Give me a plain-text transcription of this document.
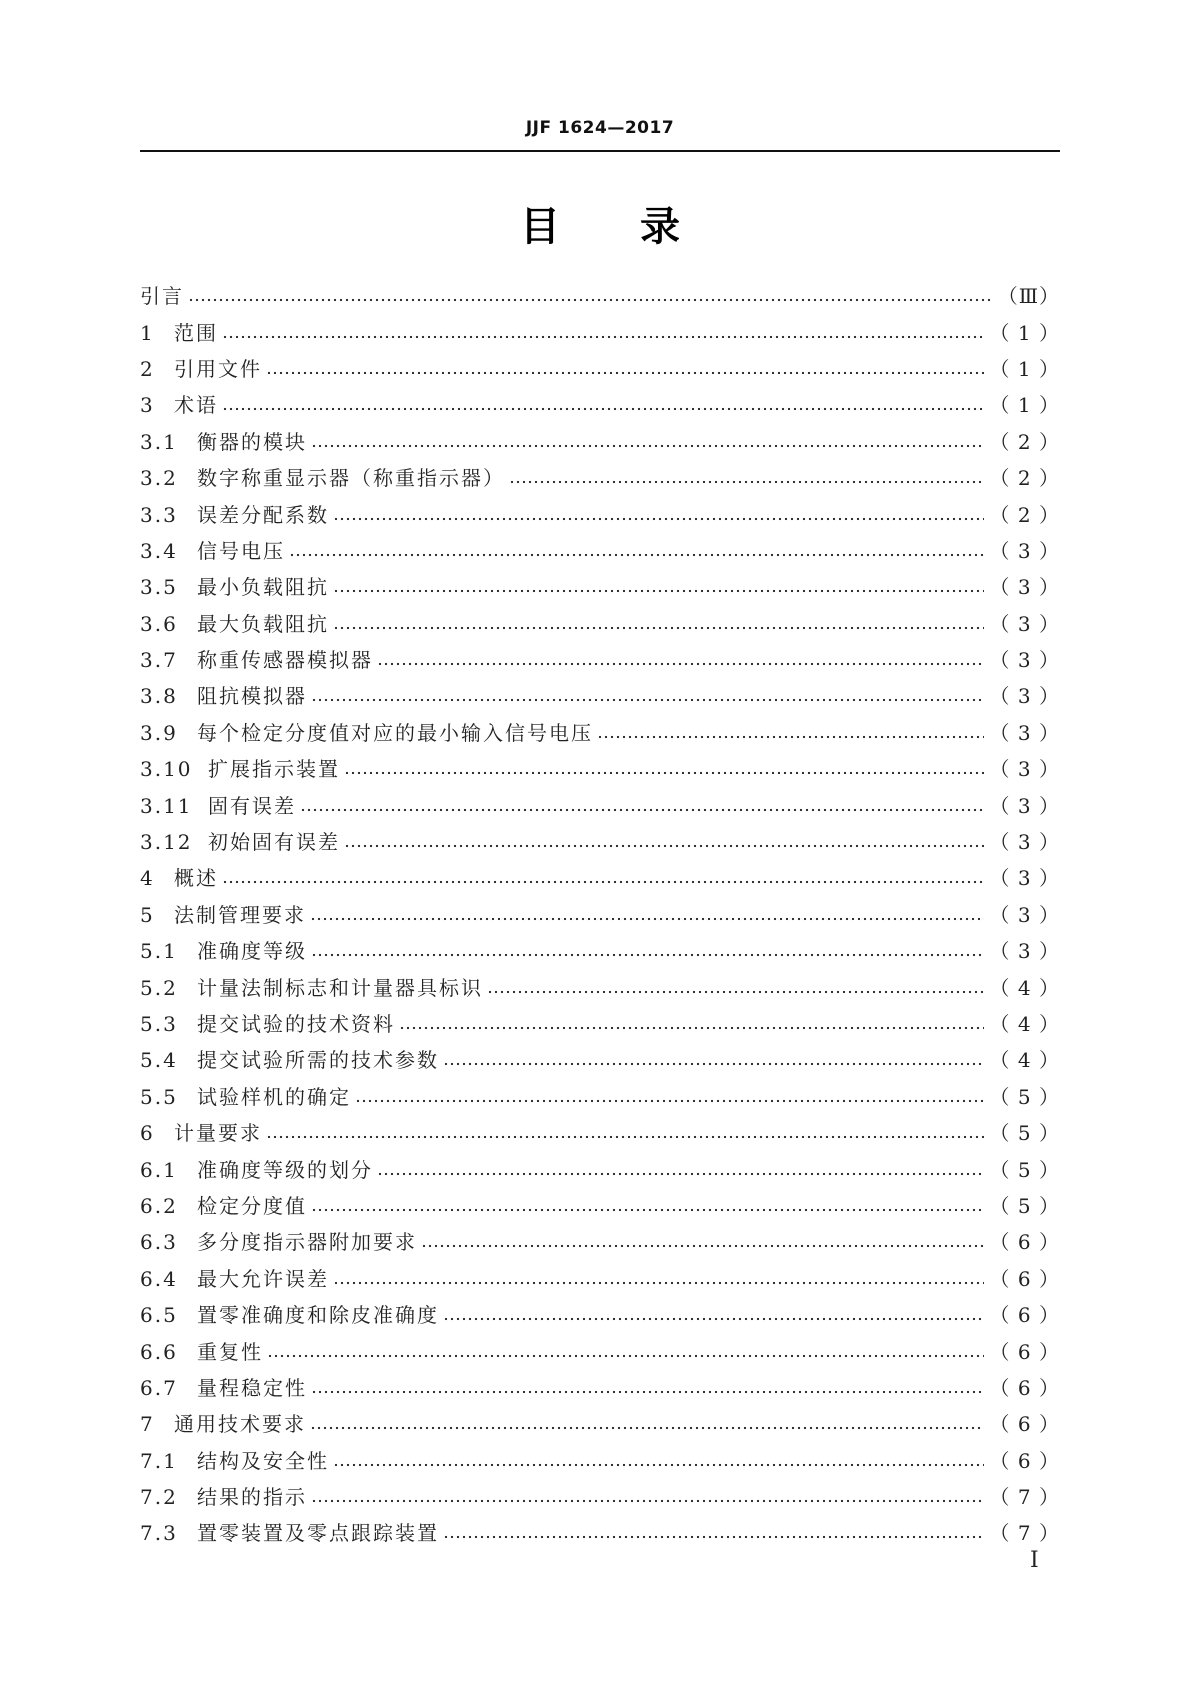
JJF 1624—2017
目录
引言	（Ⅲ）
1 范围	（ 1 ）
2 引用文件	（ 1 ）
3 术语	（ 1 ）
3.1 衡器的模块	（ 2 ）
3.2 数字称重显示器（称重指示器）	（ 2 ）
3.3 误差分配系数	（ 2 ）
3.4 信号电压	（ 3 ）
3.5 最小负载阻抗	（ 3 ）
3.6 最大负载阻抗	（ 3 ）
3.7 称重传感器模拟器	（ 3 ）
3.8 阻抗模拟器	（ 3 ）
3.9 每个检定分度值对应的最小输入信号电压	（ 3 ）
3.10 扩展指示装置	（ 3 ）
3.11 固有误差	（ 3 ）
3.12 初始固有误差	（ 3 ）
4 概述	（ 3 ）
5 法制管理要求	（ 3 ）
5.1 准确度等级	（ 3 ）
5.2 计量法制标志和计量器具标识	（ 4 ）
5.3 提交试验的技术资料	（ 4 ）
5.4 提交试验所需的技术参数	（ 4 ）
5.5 试验样机的确定	（ 5 ）
6 计量要求	（ 5 ）
6.1 准确度等级的划分	（ 5 ）
6.2 检定分度值	（ 5 ）
6.3 多分度指示器附加要求	（ 6 ）
6.4 最大允许误差	（ 6 ）
6.5 置零准确度和除皮准确度	（ 6 ）
6.6 重复性	（ 6 ）
6.7 量程稳定性	（ 6 ）
7 通用技术要求	（ 6 ）
7.1 结构及安全性	（ 6 ）
7.2 结果的指示	（ 7 ）
7.3 置零装置及零点跟踪装置	（ 7 ）
I
